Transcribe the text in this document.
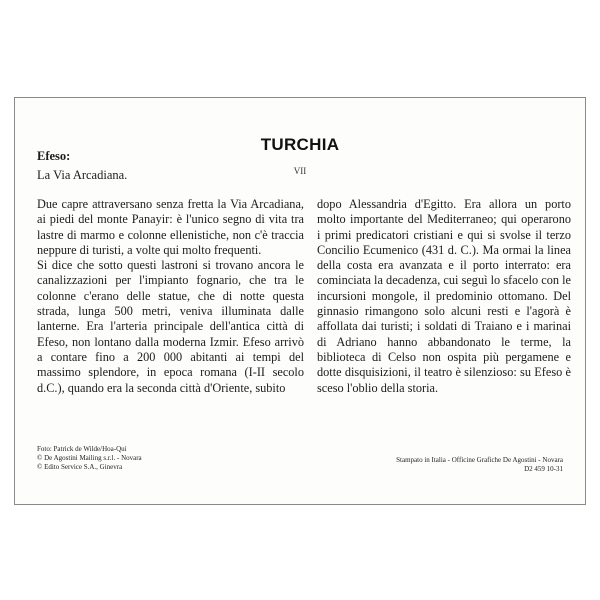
TURCHIA
VII
Efeso:
La Via Arcadiana.

Due capre attraversano senza fretta la Via Arcadiana, ai piedi del monte Panayir: è l'unico segno di vita tra lastre di marmo e colonne ellenistiche, non c'è traccia neppure di turisti, a volte qui molto frequenti.

Si dice che sotto questi lastroni si trovano ancora le canalizzazioni per l'impianto fognario, che tra le colonne c'erano delle statue, che di notte questa strada, lunga 500 metri, veniva illuminata dalle lanterne. Era l'arteria principale dell'antica città di Efeso, non lontano dalla moderna Izmir. Efeso arrivò a contare fino a 200 000 abitanti ai tempi del massimo splendore, in epoca romana (I-II secolo d.C.), quando era la seconda città d'Oriente, subito

dopo Alessandria d'Egitto. Era allora un porto molto importante del Mediterraneo; qui operarono i primi predicatori cristiani e qui si svolse il terzo Concilio Ecumenico (431 d. C.). Ma ormai la linea della costa era avanzata e il porto interrato: era cominciata la decadenza, cui seguì lo sfacelo con le incursioni mongole, il predominio ottomano. Del ginnasio rimangono solo alcuni resti e l'agorà è affollata dai turisti; i soldati di Traiano e i marinai di Adriano hanno abbandonato le terme, la biblioteca di Celso non ospita più pergamene e dotte disquisizioni, il teatro è silenzioso: su Efeso è sceso l'oblio della storia.

Foto: Patrick de Wilde/Hoa-Qui
© De Agostini Mailing s.r.l. - Novara
© Edito Service S.A., Ginevra
Stampato in Italia - Officine Grafiche De Agostini - Novara
D2 459 10-31
